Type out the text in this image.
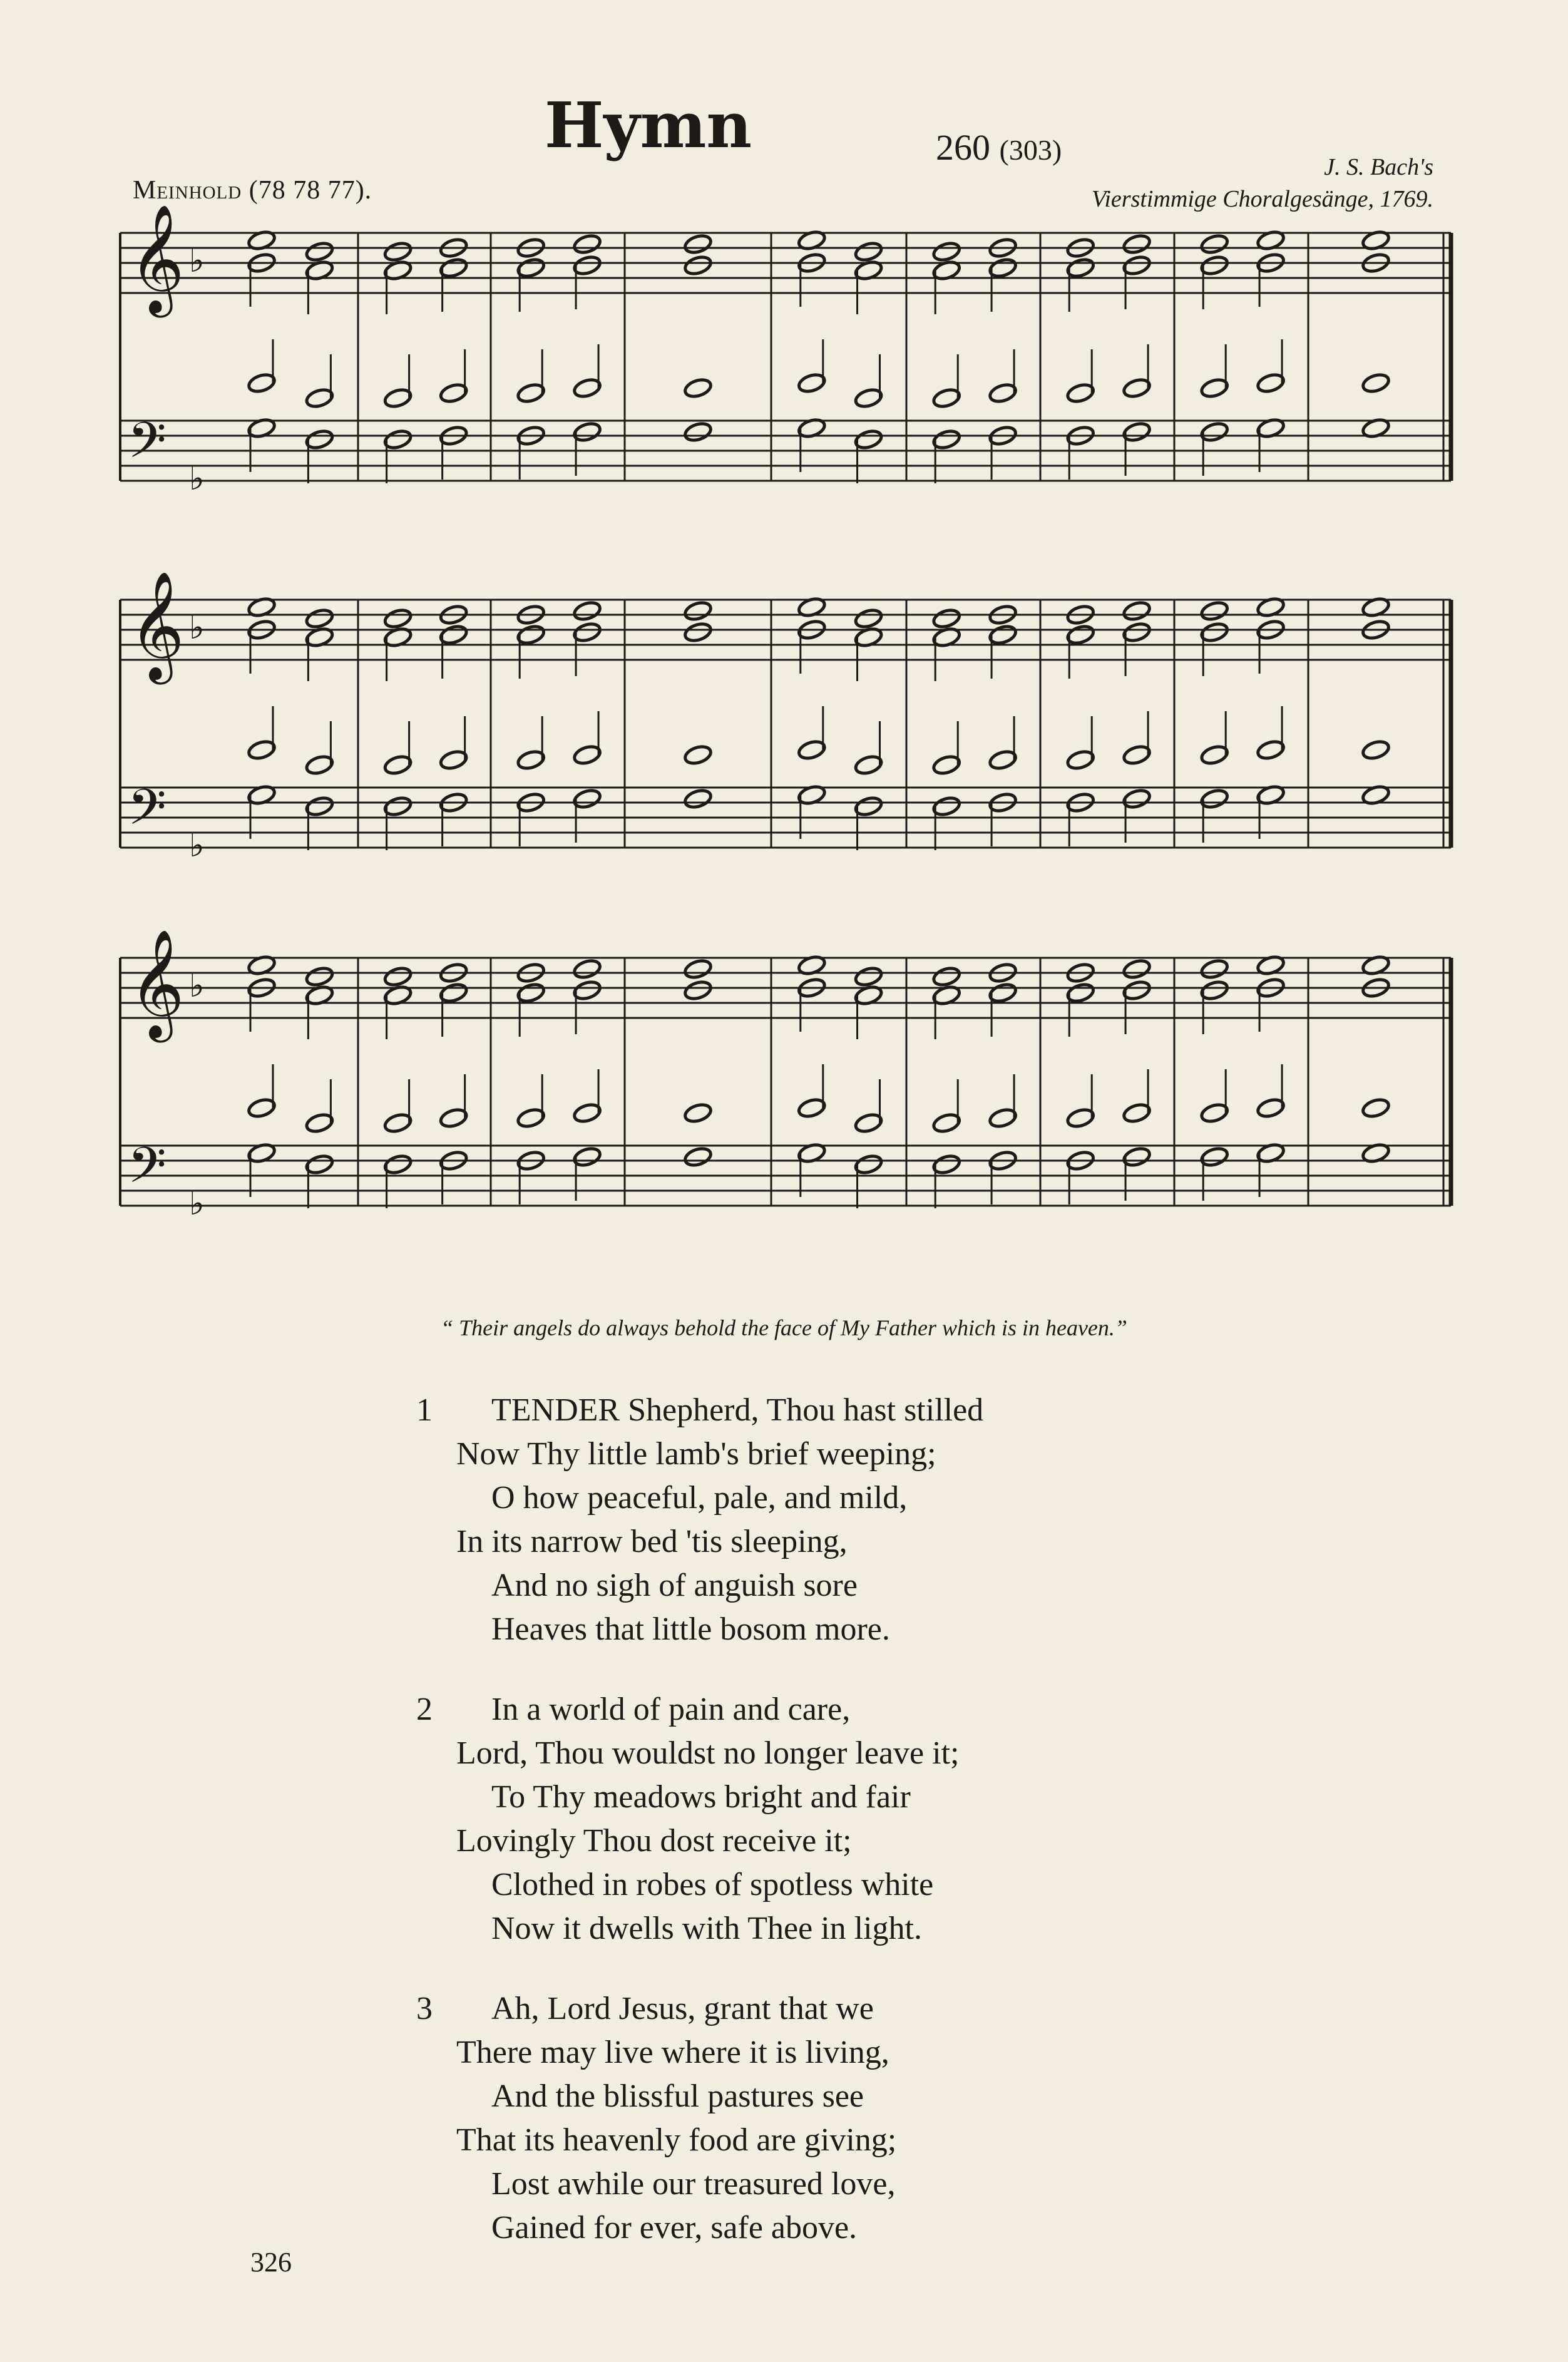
Hymn	260 (303)
Meinhold (78 78 77).
J. S. Bach's
Vierstimmige Choralgesänge, 1769.
𝄞
𝄢
♭
♭
𝄞
𝄢
♭
♭
𝄞
𝄢
♭
♭
“ Their angels do always behold the face of My Father which is in heaven.”
1 TENDER Shepherd, Thou hast stilled
Now Thy little lamb's brief weeping;
O how peaceful, pale, and mild,
In its narrow bed 'tis sleeping,
And no sigh of anguish sore
Heaves that little bosom more.
2 In a world of pain and care,
Lord, Thou wouldst no longer leave it;
To Thy meadows bright and fair
Lovingly Thou dost receive it;
Clothed in robes of spotless white
Now it dwells with Thee in light.
3 Ah, Lord Jesus, grant that we
There may live where it is living,
And the blissful pastures see
That its heavenly food are giving;
Lost awhile our treasured love,
Gained for ever, safe above.
326
